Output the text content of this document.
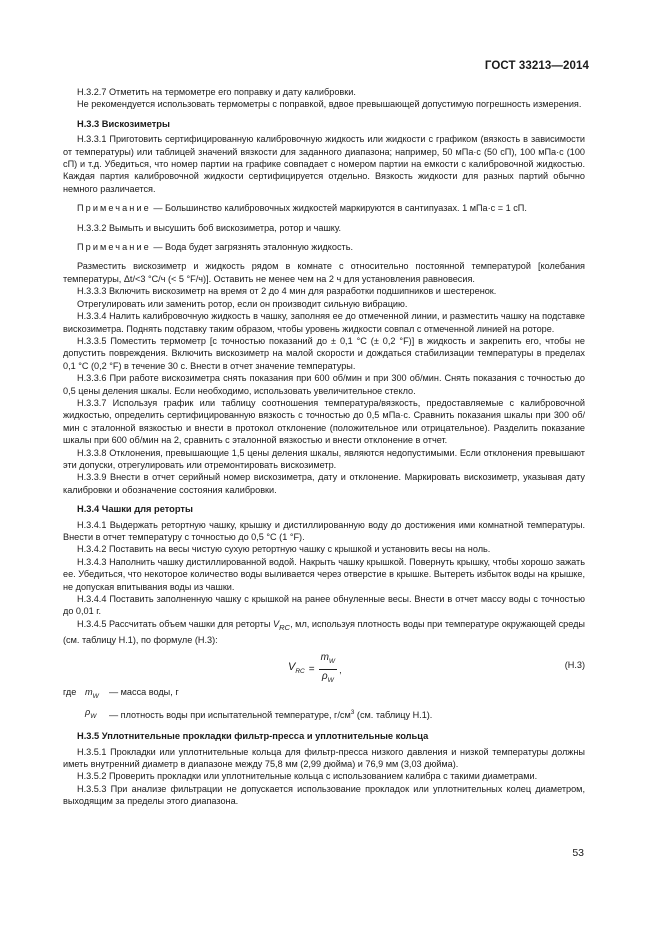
ГОСТ 33213—2014

Н.3.2.7 Отметить на термометре его поправку и дату калибровки.

Не рекомендуется использовать термометры с поправкой, вдвое превышающей допустимую погрешность измерения.

Н.3.3 Вискозиметры

Н.3.3.1 Приготовить сертифицированную калибровочную жидкость или жидкости с графиком (вязкость в зависимости от температуры) или таблицей значений вязкости для заданного диапазона; например, 50 мПа·с (50 сП), 100 мПа·с (100 сП) и т.д. Убедиться, что номер партии на графике совпадает с номером партии на емкости с калибровочной жидкостью. Каждая партия калибровочной жидкости сертифицируется отдельно. Вязкость жидкости для разных партий обычно немного различается.

Примечание — Большинство калибровочных жидкостей маркируются в сантипуазах. 1 мПа·с = 1 сП.

Н.3.3.2 Вымыть и высушить боб вискозиметра, ротор и чашку.

Примечание — Вода будет загрязнять эталонную жидкость.

Разместить вискозиметр и жидкость рядом в комнате с относительно постоянной температурой [колебания температуры, Δt/<3 °С/ч (< 5 °F/ч)]. Оставить не менее чем на 2 ч для установления равновесия.

Н.3.3.3 Включить вискозиметр на время от 2 до 4 мин для разработки подшипников и шестеренок.

Отрегулировать или заменить ротор, если он производит сильную вибрацию.

Н.3.3.4 Налить калибровочную жидкость в чашку, заполняя ее до отмеченной линии, и разместить чашку на подставке вискозиметра. Поднять подставку таким образом, чтобы уровень жидкости совпал с отмеченной линией на роторе.

Н.3.3.5 Поместить термометр [с точностью показаний до ± 0,1 °С (± 0,2 °F)] в жидкость и закрепить его, чтобы не допустить повреждения. Включить вискозиметр на малой скорости и дождаться стабилизации температуры в пределах 0,1 °С (0,2 °F) в течение 30 с. Внести в отчет значение температуры.

Н.3.3.6 При работе вискозиметра снять показания при 600 об/мин и при 300 об/мин. Снять показания с точностью до 0,5 цены деления шкалы. Если необходимо, использовать увеличительное стекло.

Н.3.3.7 Используя график или таблицу соотношения температура/вязкость, предоставляемые с калибровочной жидкостью, определить сертифицированную вязкость с точностью до 0,5 мПа·с. Сравнить показания шкалы при 300 об/мин с эталонной вязкостью и внести в протокол отклонение (положительное или отрицательное). Разделить показание шкалы при 600 об/мин на 2, сравнить с эталонной вязкостью и внести отклонение в отчет.

Н.3.3.8 Отклонения, превышающие 1,5 цены деления шкалы, являются недопустимыми. Если отклонения превышают эти допуски, отрегулировать или отремонтировать вискозиметр.

Н.3.3.9 Внести в отчет серийный номер вискозиметра, дату и отклонение. Маркировать вискозиметр, указывая дату калибровки и обозначение состояния калибровки.

Н.3.4 Чашки для реторты

Н.3.4.1 Выдержать ретортную чашку, крышку и дистиллированную воду до достижения ими комнатной температуры. Внести в отчет температуру с точностью до 0,5 °С (1 °F).

Н.3.4.2 Поставить на весы чистую сухую ретортную чашку с крышкой и установить весы на ноль.

Н.3.4.3 Наполнить чашку дистиллированной водой. Накрыть чашку крышкой. Повернуть крышку, чтобы хорошо зажать ее. Убедиться, что некоторое количество воды выливается через отверстие в крышке. Вытереть избыток воды на крышке, не допуская впитывания воды из чашки.

Н.3.4.4 Поставить заполненную чашку с крышкой на ранее обнуленные весы. Внести в отчет массу воды с точностью до 0,01 г.

Н.3.4.5 Рассчитать объем чашки для реторты $V_{RC}$, мл, используя плотность воды при температуре окружающей среды (см. таблицу Н.1), по формуле (Н.3):

$V_{RC} = \frac{m_W}{\rho_W}$ ,	(Н.3)
где $m_W$	— масса воды, г
$\rho_W$	— плотность воды при испытательной температуре, $г/см^3$ (см. таблицу Н.1).
Н.3.5 Уплотнительные прокладки фильтр-пресса и уплотнительные кольца

Н.3.5.1 Прокладки или уплотнительные кольца для фильтр-пресса низкого давления и низкой температуры должны иметь внутренний диаметр в диапазоне между 75,8 мм (2,99 дюйма) и 76,9 мм (3,03 дюйма).

Н.3.5.2 Проверить прокладки или уплотнительные кольца с использованием калибра с такими диаметрами.

Н.3.5.3 При анализе фильтрации не допускается использование прокладок или уплотнительных колец диаметром, выходящим за пределы этого диапазона.

53
